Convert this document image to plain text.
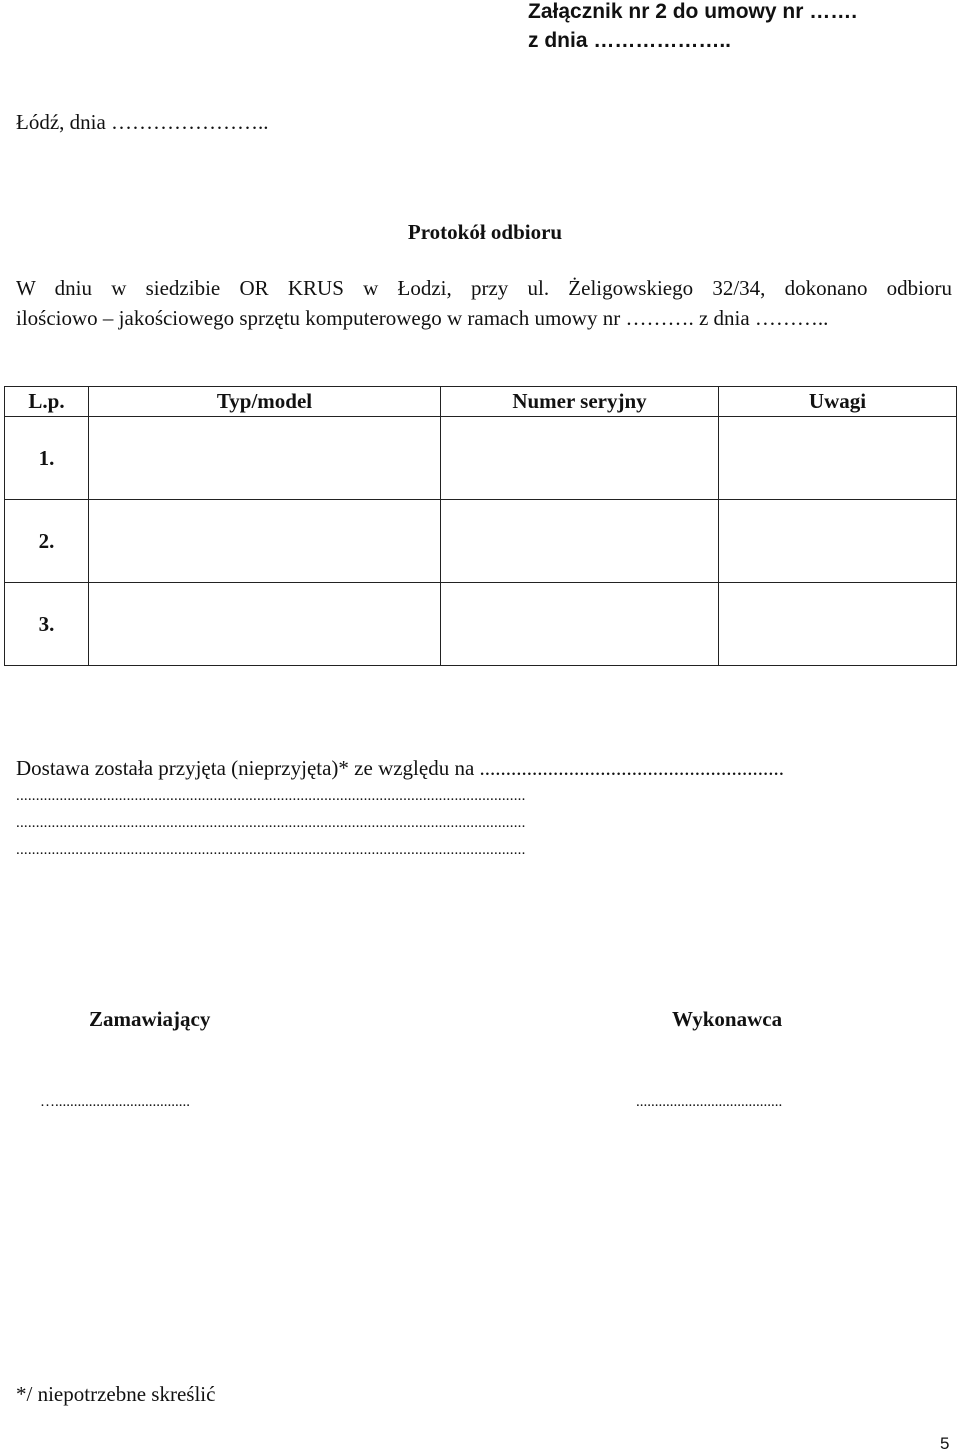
Załącznik nr 2 do umowy nr …….
z dnia ………………..
Łódź, dnia …………………..
Protokół odbioru
W dniu w siedzibie OR KRUS w Łodzi, przy ul. Żeligowskiego 32/34, dokonano odbioru
ilościowo – jakościowego sprzętu komputerowego w ramach umowy nr ………. z dnia ………..
L.p.	Typ/model	Numer seryjny	Uwagi
1.			
2.			
3.			
Dostawa została przyjęta (nieprzyjęta)* ze względu na ..........................................................
.................................................................................................................................
.................................................................................................................................
.................................................................................................................................
Zamawiający	Wykonawca
…....................................	.......................................
*/ niepotrzebne skreślić
5
